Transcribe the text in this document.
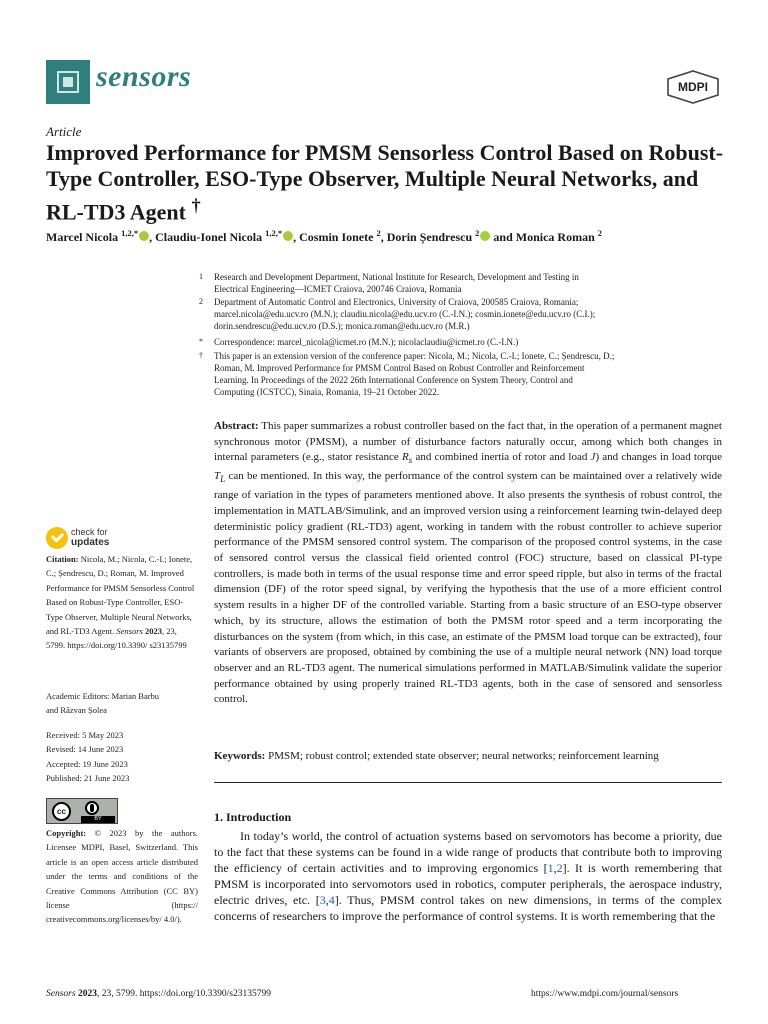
sensors	MDPI
Article
Improved Performance for PMSM Sensorless Control Based on Robust-Type Controller, ESO-Type Observer, Multiple Neural Networks, and RL-TD3 Agent †
Marcel Nicola $^{1,2,*}$ , Claudiu-Ionel Nicola $^{1,2,*}$ , Cosmin Ionete $^2$, Dorin Șendrescu $^2$ and Monica Roman $^2$
1 Research and Development Department, National Institute for Research, Development and Testing in
Electrical Engineering—ICMET Craiova, 200746 Craiova, Romania
2 Department of Automatic Control and Electronics, University of Craiova, 200585 Craiova, Romania;
marcel.nicola@edu.ucv.ro (M.N.); claudiu.nicola@edu.ucv.ro (C.-I.N.); cosmin.ionete@edu.ucv.ro (C.I.);
dorin.sendrescu@edu.ucv.ro (D.S.); monica.roman@edu.ucv.ro (M.R.)
* Correspondence: marcel_nicola@icmet.ro (M.N.); nicolaclaudiu@icmet.ro (C.-I.N.)
† This paper is an extension version of the conference paper: Nicola, M.; Nicola, C.-I.; Ionete, C.; Șendrescu, D.;
Roman, M. Improved Performance for PMSM Control Based on Robust Controller and Reinforcement
Learning. In Proceedings of the 2022 26th International Conference on System Theory, Control and
Computing (ICSTCC), Sinaia, Romania, 19–21 October 2022.
Abstract: This paper summarizes a robust controller based on the fact that, in the operation of a permanent magnet synchronous motor (PMSM), a number of disturbance factors naturally occur, among which both changes in internal parameters (e.g., stator resistance $R_s$ and combined inertia of rotor and load J) and changes in load torque $T_L$ can be mentioned. In this way, the performance of the control system can be maintained over a relatively wide range of variation in the types of parameters mentioned above. It also presents the synthesis of robust control, the implementation in MATLAB/Simulink, and an improved version using a reinforcement learning twin-delayed deep deterministic policy gradient (RL-TD3) agent, working in tandem with the robust controller to achieve superior performance of the PMSM sensored control system. The comparison of the proposed control systems, in the case of sensored control versus the classical field oriented control (FOC) structure, based on classical PI-type controllers, is made both in terms of the usual response time and error speed ripple, but also in terms of the fractal dimension (DF) of the rotor speed signal, by verifying the hypothesis that the use of a more efficient control system results in a higher DF of the controlled variable. Starting from a basic structure of an ESO-type observer which, by its structure, allows the estimation of both the PMSM rotor speed and a term incorporating the disturbances on the system (from which, in this case, an estimate of the PMSM load torque can be extracted), four variants of observers are proposed, obtained by combining the use of a multiple neural network (NN) load torque observer and an RL-TD3 agent. The numerical simulations performed in MATLAB/Simulink validate the superior performance obtained by using properly trained RL-TD3 agents, both in the case of sensored and sensorless control.
Keywords: PMSM; robust control; extended state observer; neural networks; reinforcement learning
1. Introduction

In today’s world, the control of actuation systems based on servomotors has become a priority, due to the fact that these systems can be found in a wide range of products that contribute both to improving the efficiency of certain activities and to improving ergonomics [1,2]. It is worth remembering that PMSM is incorporated into servomotors used in robotics, computer peripherals, the aerospace industry, electric drives, etc. [3,4]. Thus, PMSM control takes on new dimensions, in terms of the complex concerns of researchers to improve the performance of control systems. It is worth remembering that the

check for
updates
Citation: Nicola, M.; Nicola, C.-I.; Ionete, C.; Șendrescu, D.; Roman, M. Improved Performance for PMSM Sensorless Control Based on Robust-Type Controller, ESO-Type Observer, Multiple Neural Networks, and RL-TD3 Agent. Sensors 2023, 23, 5799. https://doi.org/10.3390/ s23135799
Academic Editors: Marian Barbu
and Răzvan Șolea
Received: 5 May 2023
Revised: 14 June 2023
Accepted: 19 June 2023
Published: 21 June 2023
cc
BY
Copyright: © 2023 by the authors. Licensee MDPI, Basel, Switzerland. This article is an open access article distributed under the terms and conditions of the Creative Commons Attribution (CC BY) license (https:// creativecommons.org/licenses/by/ 4.0/).
Sensors 2023, 23, 5799. https://doi.org/10.3390/s23135799	https://www.mdpi.com/journal/sensors
